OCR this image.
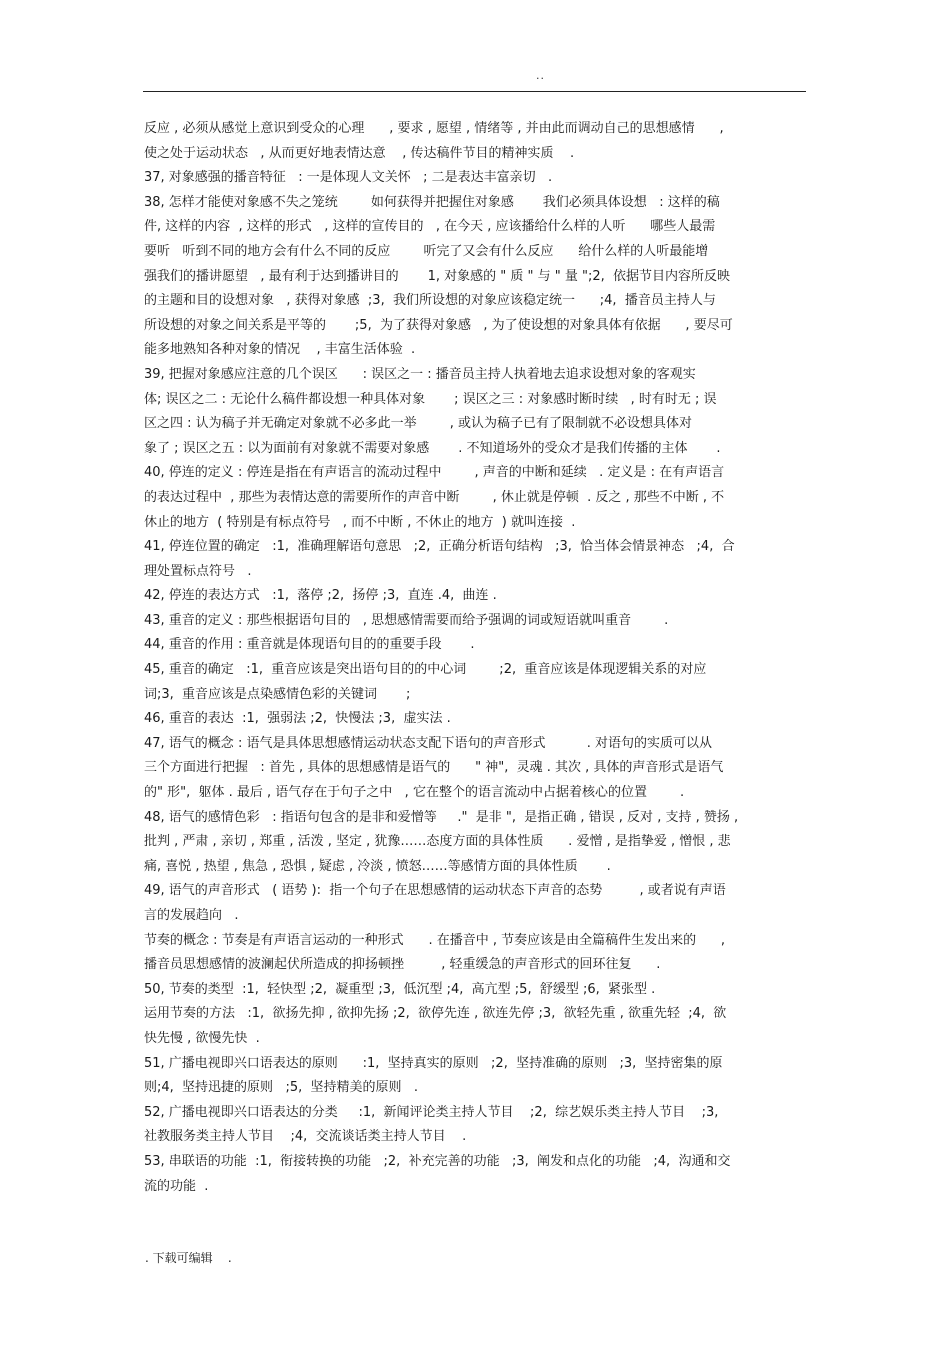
··
反应 , 必须从感觉上意识到受众的心理      , 要求 , 愿望 , 情绪等 , 并由此而调动自己的思想感情      ,
使之处于运动状态   , 从而更好地表情达意    , 传达稿件节目的精神实质    .
37, 对象感强的播音特征   : 一是体现人文关怀   ; 二是表达丰富亲切   .
38, 怎样才能使对象感不失之笼统        如何获得并把握住对象感       我们必须具体设想   : 这样的稿
件, 这样的内容  , 这样的形式   , 这样的宣传目的   , 在今天 , 应该播给什么样的人听      哪些人最需
要听   听到不同的地方会有什么不同的反应        听完了又会有什么反应      给什么样的人听最能增
强我们的播讲愿望   , 最有利于达到播讲目的       1, 对象感的 " 质 " 与 " 量 ";2,  依据节目内容所反映
的主题和目的设想对象   , 获得对象感  ;3,  我们所设想的对象应该稳定统一      ;4,  播音员主持人与
所设想的对象之间关系是平等的       ;5,  为了获得对象感   , 为了使设想的对象具体有依据      , 要尽可
能多地熟知各种对象的情况    , 丰富生活体验  .
39, 把握对象感应注意的几个误区      : 误区之一 : 播音员主持人执着地去追求设想对象的客观实
体; 误区之二 : 无论什么稿件都设想一种具体对象       ; 误区之三 : 对象感时断时续   , 时有时无 ; 误
区之四 : 认为稿子并无确定对象就不必多此一举        , 或认为稿子已有了限制就不必设想具体对
象了 ; 误区之五 : 以为面前有对象就不需要对象感       . 不知道场外的受众才是我们传播的主体       .
40, 停连的定义 : 停连是指在有声语言的流动过程中        , 声音的中断和延续   . 定义是 : 在有声语言
的表达过程中  , 那些为表情达意的需要所作的声音中断        , 休止就是停顿  . 反之 , 那些不中断 , 不
休止的地方  ( 特别是有标点符号   , 而不中断 , 不休止的地方  ) 就叫连接  .
41, 停连位置的确定   :1,  准确理解语句意思   ;2,  正确分析语句结构   ;3,  恰当体会情景神态   ;4,  合
理处置标点符号   .
42, 停连的表达方式   :1,  落停 ;2,  扬停 ;3,  直连 .4,  曲连 .
43, 重音的定义 : 那些根据语句目的   , 思想感情需要而给予强调的词或短语就叫重音        .
44, 重音的作用 : 重音就是体现语句目的的重要手段       .
45, 重音的确定   :1,  重音应该是突出语句目的的中心词        ;2,  重音应该是体现逻辑关系的对应
词;3,  重音应该是点染感情色彩的关键词       ;
46, 重音的表达  :1,  强弱法 ;2,  快慢法 ;3,  虚实法 .
47, 语气的概念 : 语气是具体思想感情运动状态支配下语句的声音形式          . 对语句的实质可以从
三个方面进行把握   : 首先 , 具体的思想感情是语气的      " 神",  灵魂 . 其次 , 具体的声音形式是语气
的" 形",  躯体 . 最后 , 语气存在于句子之中   , 它在整个的语言流动中占据着核心的位置        .
48, 语气的感情色彩   : 指语句包含的是非和爱憎等     ."  是非 ",  是指正确 , 错误 , 反对 , 支持 , 赞扬 ,
批判 , 严肃 , 亲切 , 郑重 , 活泼 , 坚定 , 犹豫……态度方面的具体性质      . 爱憎 , 是指挚爱 , 憎恨 , 悲
痛, 喜悦 , 热望 , 焦急 , 恐惧 , 疑虑 , 冷淡 , 愤怒……等感情方面的具体性质       .
49, 语气的声音形式   ( 语势 ):  指一个句子在思想感情的运动状态下声音的态势         , 或者说有声语
言的发展趋向   .
节奏的概念 : 节奏是有声语言运动的一种形式      . 在播音中 , 节奏应该是由全篇稿件生发出来的      ,
播音员思想感情的波澜起伏所造成的抑扬顿挫         , 轻重缓急的声音形式的回环往复      .
50, 节奏的类型  :1,  轻快型 ;2,  凝重型 ;3,  低沉型 ;4,  高亢型 ;5,  舒缓型 ;6,  紧张型 .
运用节奏的方法   :1,  欲扬先抑 , 欲抑先扬 ;2,  欲停先连 , 欲连先停 ;3,  欲轻先重 , 欲重先轻  ;4,  欲
快先慢 , 欲慢先快  .
51, 广播电视即兴口语表达的原则      :1,  坚持真实的原则   ;2,  坚持准确的原则   ;3,  坚持密集的原
则;4,  坚持迅捷的原则   ;5,  坚持精美的原则   .
52, 广播电视即兴口语表达的分类     :1,  新闻评论类主持人节目    ;2,  综艺娱乐类主持人节目    ;3,
社教服务类主持人节目    ;4,  交流谈话类主持人节目    .
53, 串联语的功能  :1,  衔接转换的功能   ;2,  补充完善的功能   ;3,  阐发和点化的功能   ;4,  沟通和交
流的功能  .
. 下载可编辑    .
